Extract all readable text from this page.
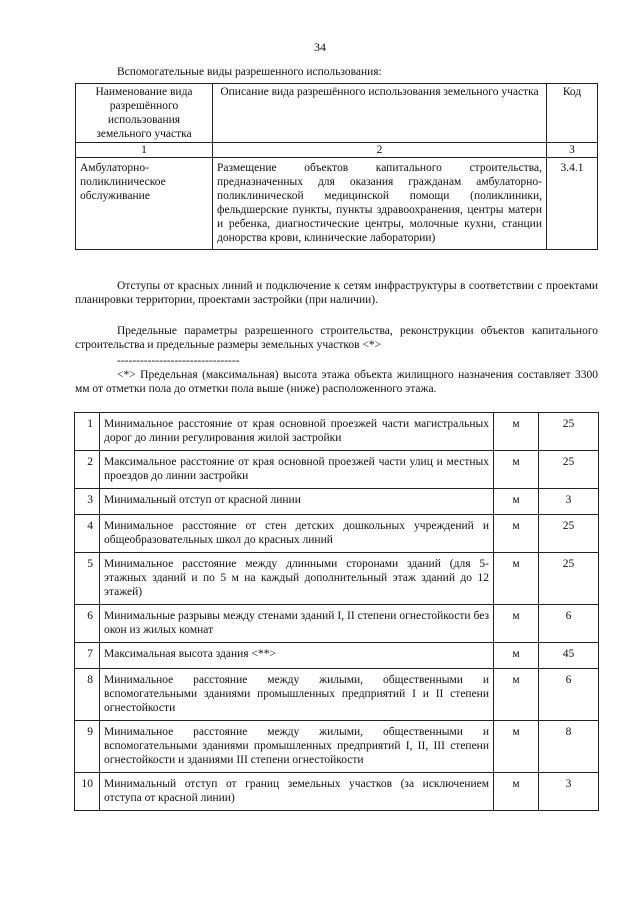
34
Вспомогательные виды разрешенного использования:
Наименование вида разрешённого использования земельного участка	Описание вида разрешённого использования земельного участка	Код
1	2	3
Амбулаторно-поликлиническое обслуживание	Размещение объектов капитального строительства, предназначенных для оказания гражданам амбулаторно-поликлинической медицинской помощи (поликлиники, фельдшерские пункты, пункты здравоохранения, центры матери и ребенка, диагностические центры, молочные кухни, станции донорства крови, клинические лаборатории)	3.4.1
Отступы от красных линий и подключение к сетям инфраструктуры в соответствии с проектами планировки территории, проектами застройки (при наличии).
Предельные параметры разрешенного строительства, реконструкции объектов капитального строительства и предельные размеры земельных участков <*>
--------------------------------
<*> Предельная (максимальная) высота этажа объекта жилищного назначения составляет 3300 мм от отметки пола до отметки пола выше (ниже) расположенного этажа.
1	Минимальное расстояние от края основной проезжей части магистральных дорог до линии регулирования жилой застройки	м	25
2	Максимальное расстояние от края основной проезжей части улиц и местных проездов до линии застройки	м	25
3	Минимальный отступ от красной линии	м	3
4	Минимальное расстояние от стен детских дошкольных учреждений и общеобразовательных школ до красных линий	м	25
5	Минимальное расстояние между длинными сторонами зданий (для 5-этажных зданий и по 5 м на каждый дополнительный этаж зданий до 12 этажей)	м	25
6	Минимальные разрывы между стенами зданий I, II степени огнестойкости без окон из жилых комнат	м	6
7	Максимальная высота здания <**>	м	45
8	Минимальное расстояние между жилыми, общественными и вспомогательными зданиями промышленных предприятий I и II степени огнестойкости	м	6
9	Минимальное расстояние между жилыми, общественными и вспомогательными зданиями промышленных предприятий I, II, III степени огнестойкости и зданиями III степени огнестойкости	м	8
10	Минимальный отступ от границ земельных участков (за исключением отступа от красной линии)	м	3
